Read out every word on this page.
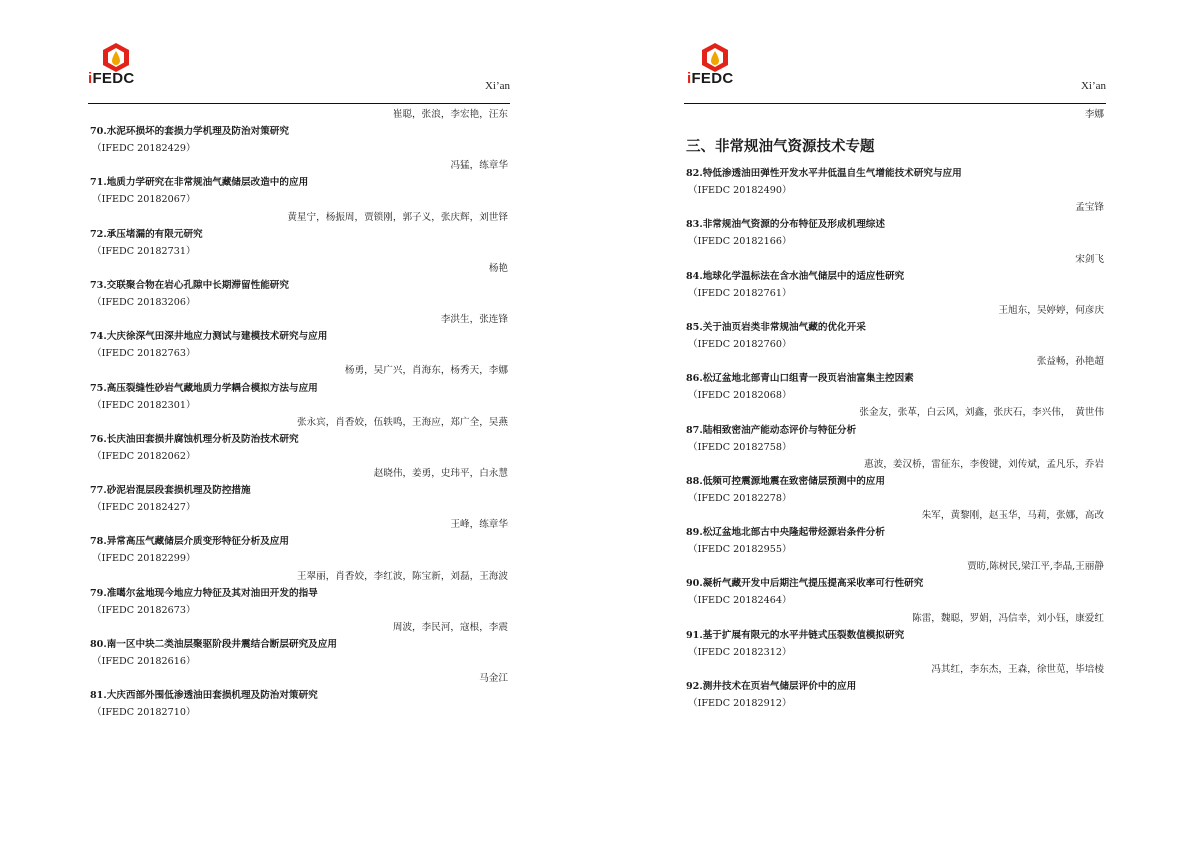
iFEDC	Xi’an
崔聪，张浪，李宏艳，汪东
70.水泥环损坏的套损力学机理及防治对策研究
（IFEDC 20182429）
冯猛，练章华
71.地质力学研究在非常规油气藏储层改造中的应用
（IFEDC 20182067）
黄星宁，杨振周，贾锁刚，郭子义，张庆辉，刘世铎
72.承压堵漏的有限元研究
（IFEDC 20182731）
杨艳
73.交联聚合物在岩心孔隙中长期滞留性能研究
（IFEDC 20183206）
李洪生，张连锋
74.大庆徐深气田深井地应力测试与建模技术研究与应用
（IFEDC 20182763）
杨勇，吴广兴，肖海东，杨秀天，李娜
75.高压裂缝性砂岩气藏地质力学耦合模拟方法与应用
（IFEDC 20182301）
张永宾，肖香姣，伍轶鸣，王海应，郑广全，吴燕
76.长庆油田套损井腐蚀机理分析及防治技术研究
（IFEDC 20182062）
赵晓伟，姜勇，史玮平，白永慧
77.砂泥岩混层段套损机理及防控措施
（IFEDC 20182427）
王峰，练章华
78.异常高压气藏储层介质变形特征分析及应用
（IFEDC 20182299）
王翠丽，肖香姣，李红波，陈宝新，刘磊，王海波
79.准噶尔盆地现今地应力特征及其对油田开发的指导
（IFEDC 20182673）
周波，李民河，寇根，李震
80.南一区中块二类油层聚驱阶段井震结合断层研究及应用
（IFEDC 20182616）
马金江
81.大庆西部外围低渗透油田套损机理及防治对策研究
（IFEDC 20182710）
iFEDC	Xi’an
李娜
三、非常规油气资源技术专题
82.特低渗透油田弹性开发水平井低温自生气增能技术研究与应用
（IFEDC 20182490）
孟宝锋
83.非常规油气资源的分布特征及形成机理综述
（IFEDC 20182166）
宋剑飞
84.地球化学温标法在含水油气储层中的适应性研究
（IFEDC 20182761）
王旭东，吴婷婷，何彦庆
85.关于油页岩类非常规油气藏的优化开采
（IFEDC 20182760）
张益畅，孙艳超
86.松辽盆地北部青山口组青一段页岩油富集主控因素
（IFEDC 20182068）
张金友，张革，白云风，刘鑫，张庆石，李兴伟，　黄世伟
87.陆相致密油产能动态评价与特征分析
（IFEDC 20182758）
惠波，姜汉桥，雷征东，李俊键，刘传斌，孟凡乐，乔岩
88.低频可控震源地震在致密储层预测中的应用
（IFEDC 20182278）
朱军，黄黎刚，赵玉华，马莉，张娜，高改
89.松辽盆地北部古中央隆起带烃源岩条件分析
（IFEDC 20182955）
贾昉,陈树民,梁江平,李晶,王丽静
90.凝析气藏开发中后期注气提压提高采收率可行性研究
（IFEDC 20182464）
陈雷，魏聪，罗娟，冯信幸，刘小钰，康爱红
91.基于扩展有限元的水平井链式压裂数值模拟研究
（IFEDC 20182312）
冯其红，李东杰，王森，徐世苋，毕培棱
92.测井技术在页岩气储层评价中的应用
（IFEDC 20182912）
